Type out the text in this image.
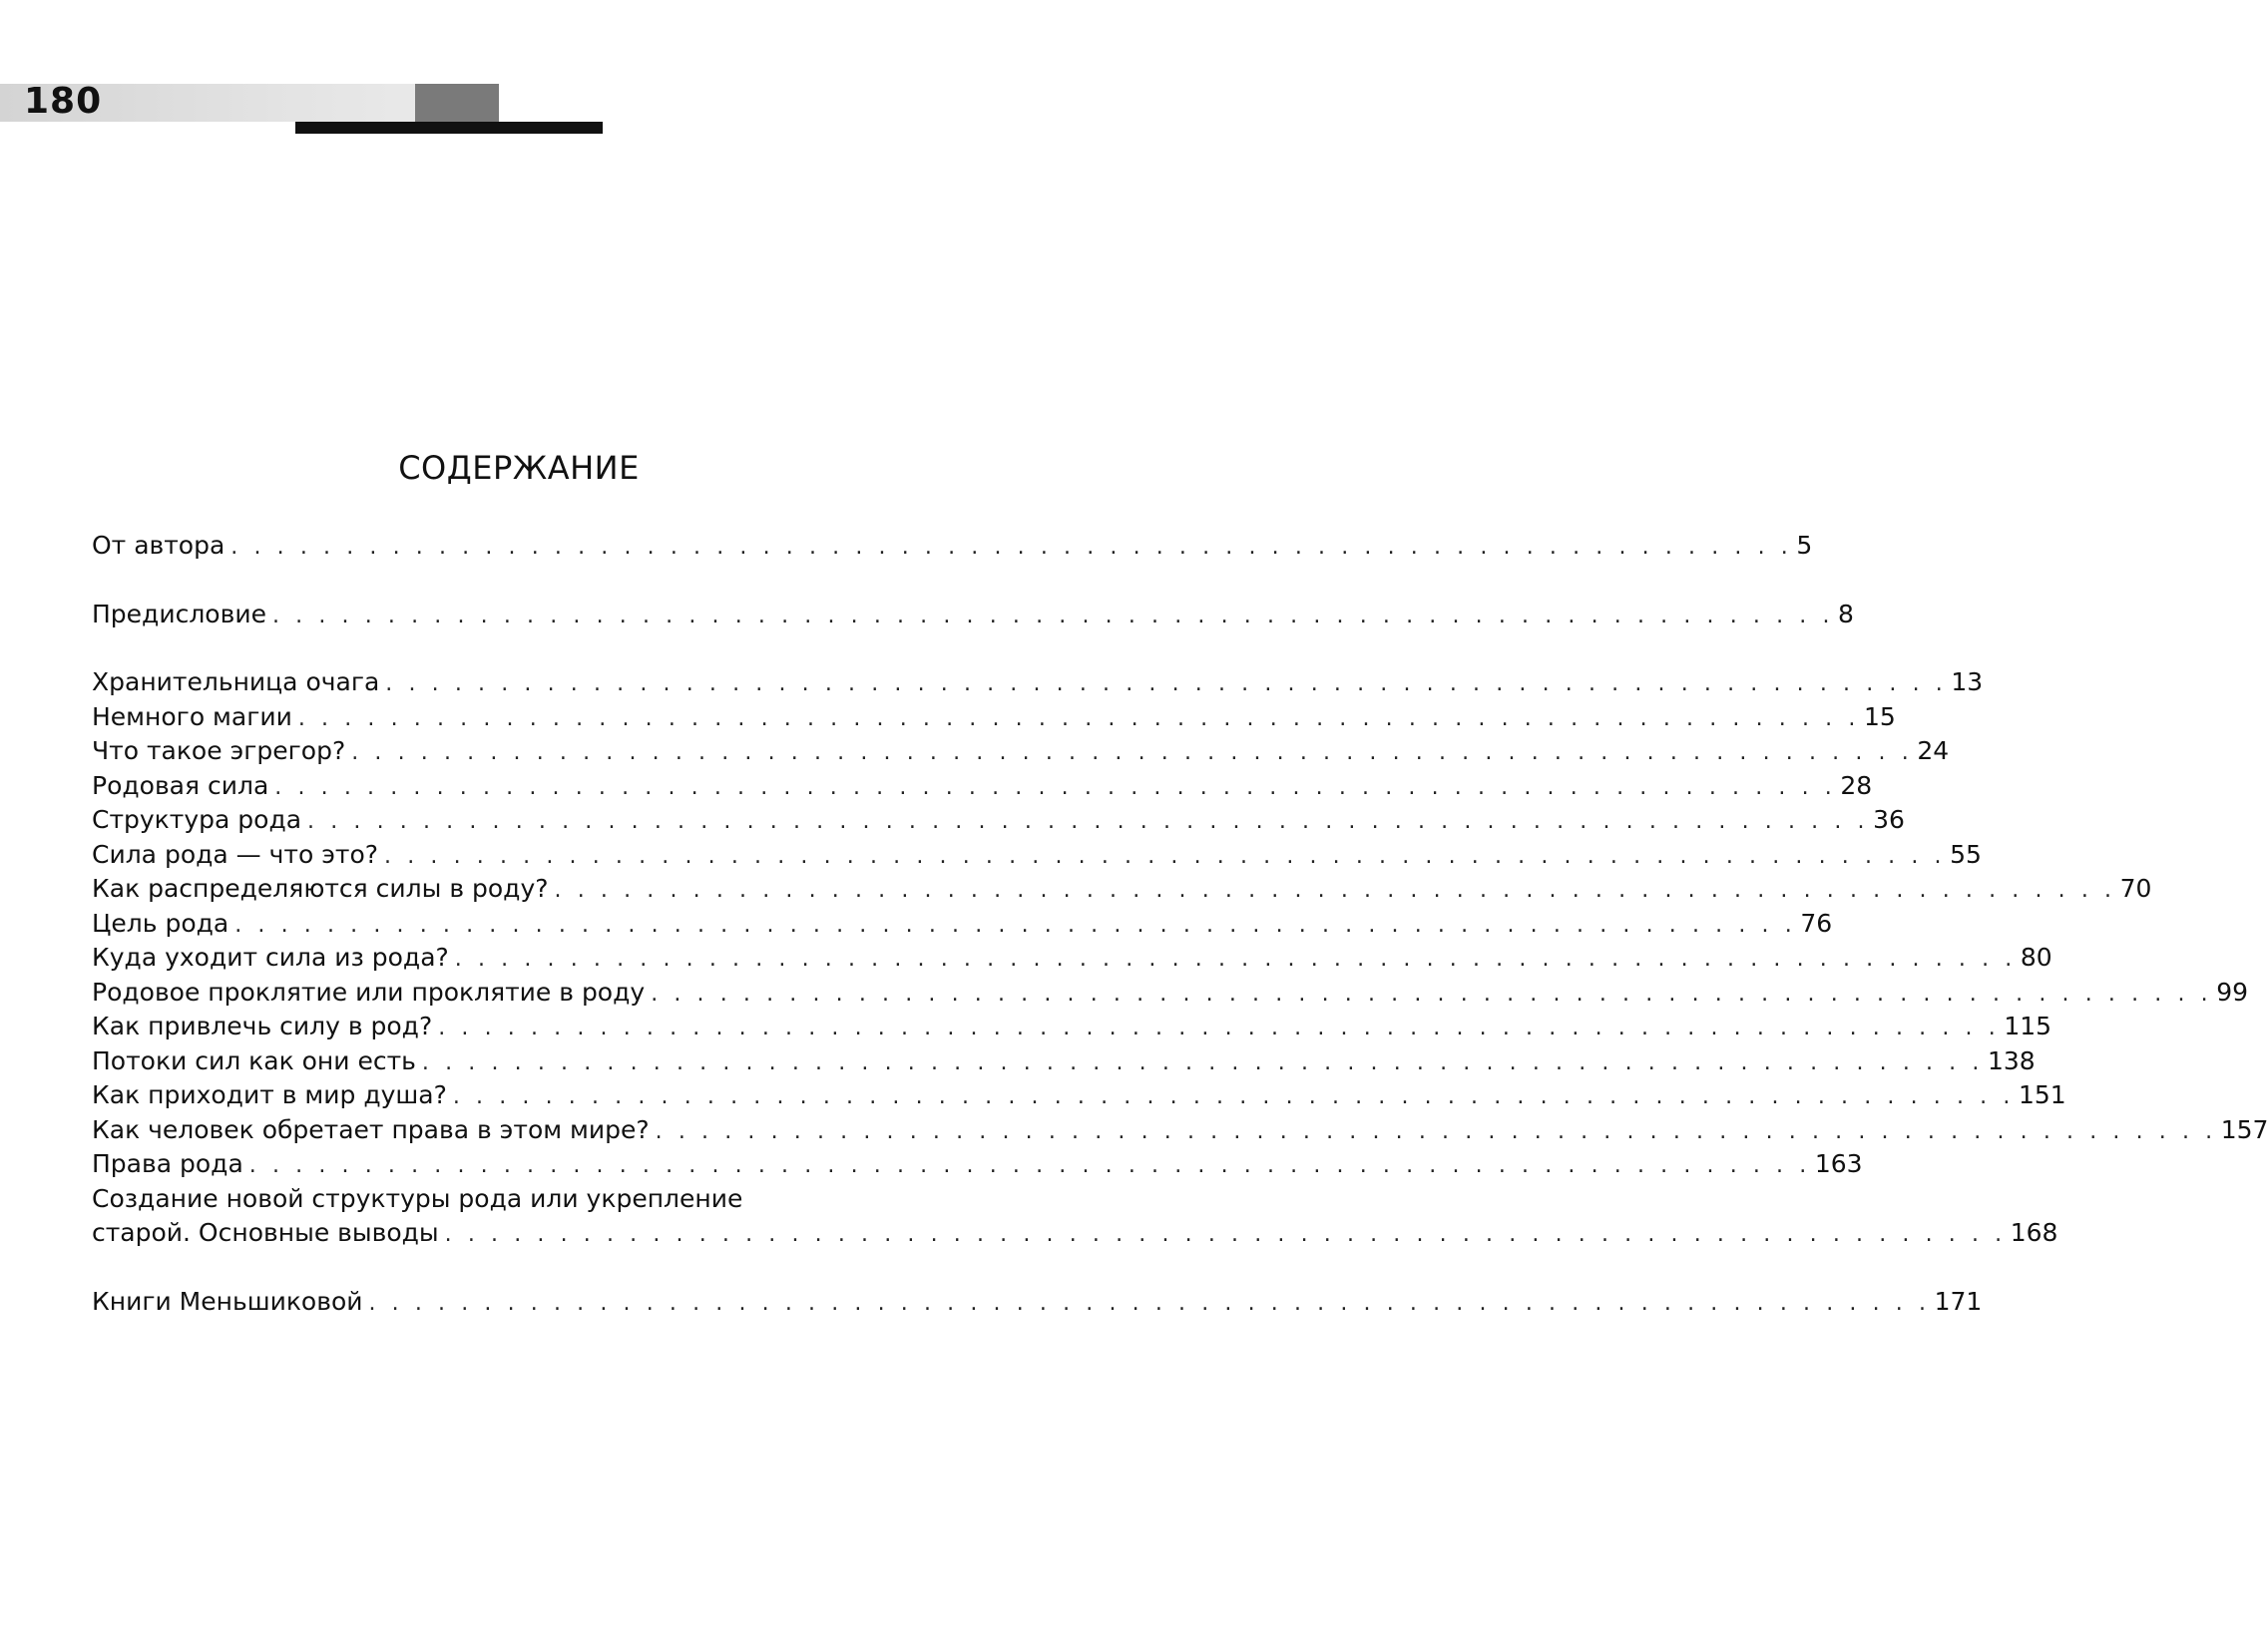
180
СОДЕРЖАНИЕ
От автора . . . . . . . . . . . . . . . . . . . . . . . . . . . . . . . . . . . . . . . . . . . . . . . . . . . . . . . . . . . . . . . . . . . . 5
Предисловие . . . . . . . . . . . . . . . . . . . . . . . . . . . . . . . . . . . . . . . . . . . . . . . . . . . . . . . . . . . . . . . . . . . . 8
Хранительница очага . . . . . . . . . . . . . . . . . . . . . . . . . . . . . . . . . . . . . . . . . . . . . . . . . . . . . . . . . . . . . . . . . . . . 13
Немного магии . . . . . . . . . . . . . . . . . . . . . . . . . . . . . . . . . . . . . . . . . . . . . . . . . . . . . . . . . . . . . . . . . . . . 15
Что такое эгрегор? . . . . . . . . . . . . . . . . . . . . . . . . . . . . . . . . . . . . . . . . . . . . . . . . . . . . . . . . . . . . . . . . . . . . 24
Родовая сила . . . . . . . . . . . . . . . . . . . . . . . . . . . . . . . . . . . . . . . . . . . . . . . . . . . . . . . . . . . . . . . . . . . . 28
Структура рода . . . . . . . . . . . . . . . . . . . . . . . . . . . . . . . . . . . . . . . . . . . . . . . . . . . . . . . . . . . . . . . . . . . . 36
Сила рода — что это? . . . . . . . . . . . . . . . . . . . . . . . . . . . . . . . . . . . . . . . . . . . . . . . . . . . . . . . . . . . . . . . . . . . . 55
Как распределяются силы в роду? . . . . . . . . . . . . . . . . . . . . . . . . . . . . . . . . . . . . . . . . . . . . . . . . . . . . . . . . . . . . . . . . . . . . 70
Цель рода . . . . . . . . . . . . . . . . . . . . . . . . . . . . . . . . . . . . . . . . . . . . . . . . . . . . . . . . . . . . . . . . . . . . 76
Куда уходит сила из рода? . . . . . . . . . . . . . . . . . . . . . . . . . . . . . . . . . . . . . . . . . . . . . . . . . . . . . . . . . . . . . . . . . . . . 80
Родовое проклятие или проклятие в роду . . . . . . . . . . . . . . . . . . . . . . . . . . . . . . . . . . . . . . . . . . . . . . . . . . . . . . . . . . . . . . . . . . . . 99
Как привлечь силу в род? . . . . . . . . . . . . . . . . . . . . . . . . . . . . . . . . . . . . . . . . . . . . . . . . . . . . . . . . . . . . . . . . . . . . 115
Потоки сил как они есть . . . . . . . . . . . . . . . . . . . . . . . . . . . . . . . . . . . . . . . . . . . . . . . . . . . . . . . . . . . . . . . . . . . . 138
Как приходит в мир душа? . . . . . . . . . . . . . . . . . . . . . . . . . . . . . . . . . . . . . . . . . . . . . . . . . . . . . . . . . . . . . . . . . . . . 151
Как человек обретает права в этом мире? . . . . . . . . . . . . . . . . . . . . . . . . . . . . . . . . . . . . . . . . . . . . . . . . . . . . . . . . . . . . . . . . . . . . 157
Права рода . . . . . . . . . . . . . . . . . . . . . . . . . . . . . . . . . . . . . . . . . . . . . . . . . . . . . . . . . . . . . . . . . . . . 163
Создание новой структуры рода или укрепление
старой. Основные выводы . . . . . . . . . . . . . . . . . . . . . . . . . . . . . . . . . . . . . . . . . . . . . . . . . . . . . . . . . . . . . . . . . . . . 168
Книги Меньшиковой . . . . . . . . . . . . . . . . . . . . . . . . . . . . . . . . . . . . . . . . . . . . . . . . . . . . . . . . . . . . . . . . . . . . 171
